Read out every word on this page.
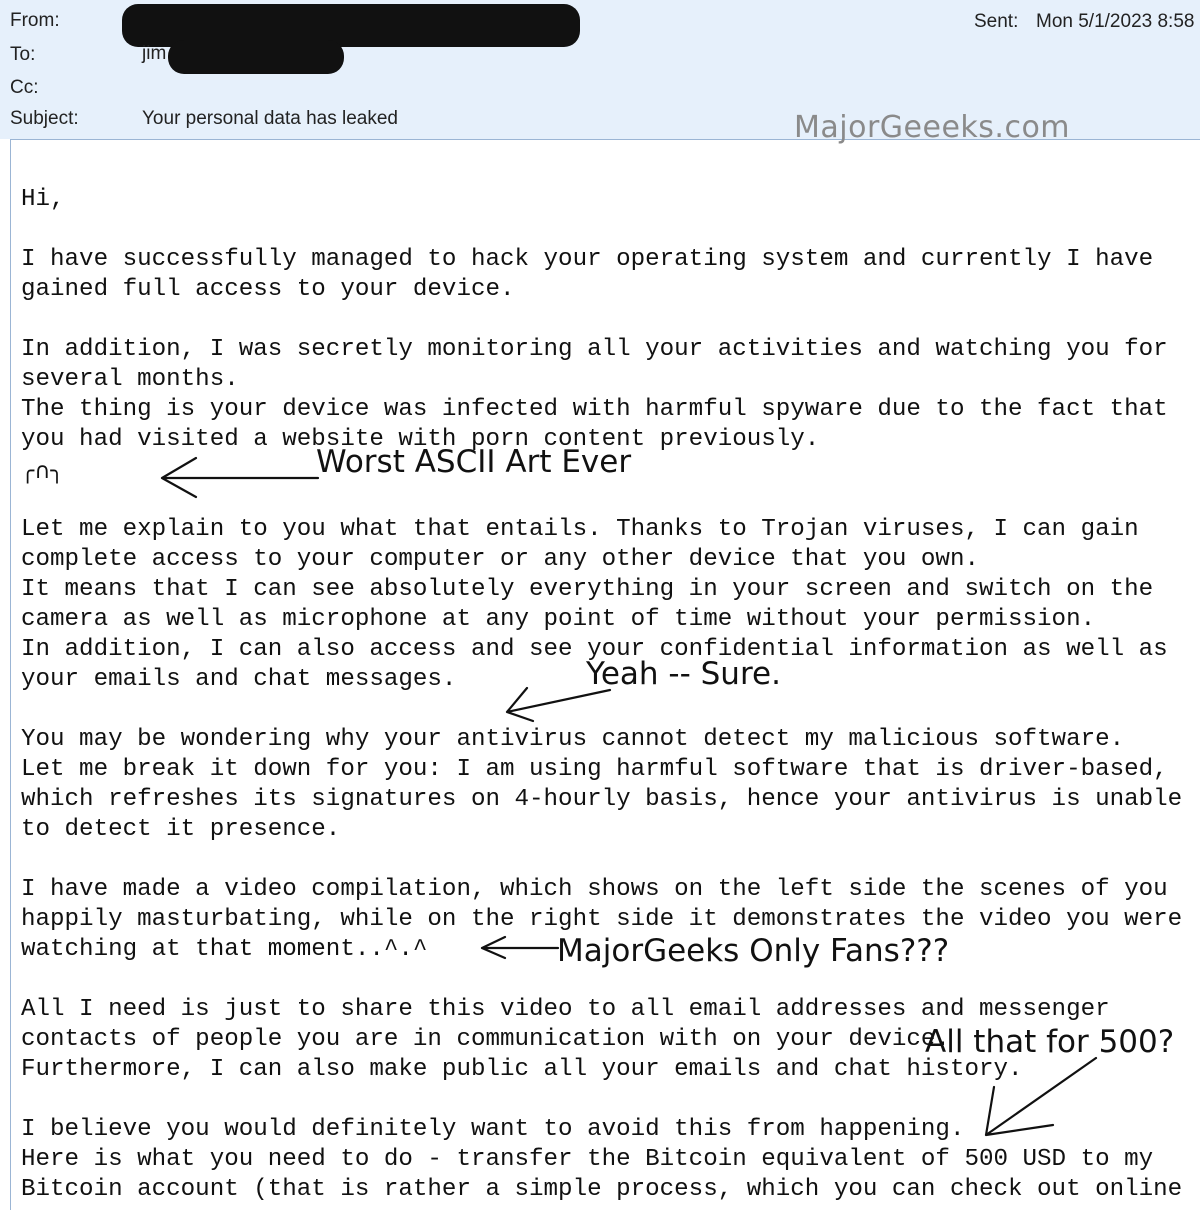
From:
To:	jim
Cc:
Subject:	Your personal data has leaked
Sent: Mon 5/1/2023 8:58
MajorGeeeks.com
Hi,
I have successfully managed to hack your operating system and currently I have
gained full access to your device.
In addition, I was secretly monitoring all your activities and watching you for
several months.
The thing is your device was infected with harmful spyware due to the fact that
you had visited a website with porn content previously.
╭∩╮
Let me explain to you what that entails. Thanks to Trojan viruses, I can gain
complete access to your computer or any other device that you own.
It means that I can see absolutely everything in your screen and switch on the
camera as well as microphone at any point of time without your permission.
In addition, I can also access and see your confidential information as well as
your emails and chat messages.
You may be wondering why your antivirus cannot detect my malicious software.
Let me break it down for you: I am using harmful software that is driver-based,
which refreshes its signatures on 4-hourly basis, hence your antivirus is unable
to detect it presence.
I have made a video compilation, which shows on the left side the scenes of you
happily masturbating, while on the right side it demonstrates the video you were
watching at that moment..^.^
All I need is just to share this video to all email addresses and messenger
contacts of people you are in communication with on your device.
Furthermore, I can also make public all your emails and chat history.
I believe you would definitely want to avoid this from happening.
Here is what you need to do - transfer the Bitcoin equivalent of 500 USD to my
Bitcoin account (that is rather a simple process, which you can check out online
Worst ASCII Art Ever
Yeah -- Sure.
MajorGeeks Only Fans???
All that for 500?
